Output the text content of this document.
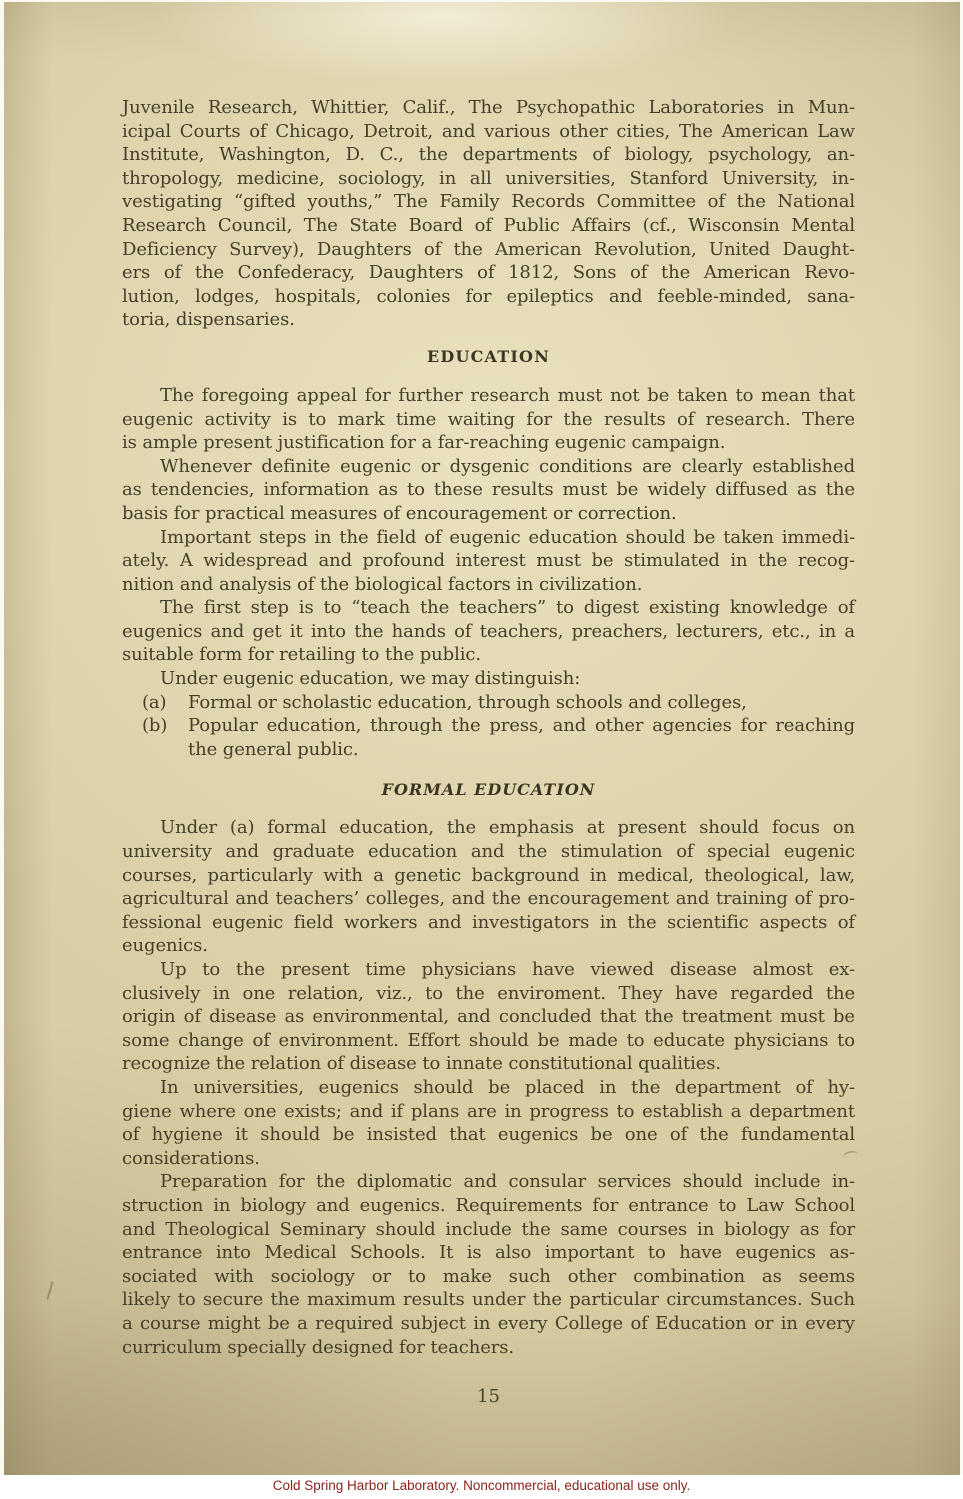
Juvenile Research, Whittier, Calif., The Psychopathic Laboratories in Mun-
icipal Courts of Chicago, Detroit, and various other cities, The American Law
Institute, Washington, D. C., the departments of biology, psychology, an-
thropology, medicine, sociology, in all universities, Stanford University, in-
vestigating “gifted youths,” The Family Records Committee of the National
Research Council, The State Board of Public Affairs (cf., Wisconsin Mental
Deficiency Survey), Daughters of the American Revolution, United Daught-
ers of the Confederacy, Daughters of 1812, Sons of the American Revo-
lution, lodges, hospitals, colonies for epileptics and feeble-minded, sana-
toria, dispensaries.
EDUCATION
The foregoing appeal for further research must not be taken to mean that
eugenic activity is to mark time waiting for the results of research. There
is ample present justification for a far-reaching eugenic campaign.
Whenever definite eugenic or dysgenic conditions are clearly established
as tendencies, information as to these results must be widely diffused as the
basis for practical measures of encouragement or correction.
Important steps in the field of eugenic education should be taken immedi-
ately. A widespread and profound interest must be stimulated in the recog-
nition and analysis of the biological factors in civilization.
The first step is to “teach the teachers” to digest existing knowledge of
eugenics and get it into the hands of teachers, preachers, lecturers, etc., in a
suitable form for retailing to the public.
Under eugenic education, we may distinguish:
(a)	Formal or scholastic education, through schools and colleges,
(b)	Popular education, through the press, and other agencies for reaching
the general public.
FORMAL EDUCATION
Under (a) formal education, the emphasis at present should focus on
university and graduate education and the stimulation of special eugenic
courses, particularly with a genetic background in medical, theological, law,
agricultural and teachers’ colleges, and the encouragement and training of pro-
fessional eugenic field workers and investigators in the scientific aspects of
eugenics.
Up to the present time physicians have viewed disease almost ex-
clusively in one relation, viz., to the enviroment. They have regarded the
origin of disease as environmental, and concluded that the treatment must be
some change of environment. Effort should be made to educate physicians to
recognize the relation of disease to innate constitutional qualities.
In universities, eugenics should be placed in the department of hy-
giene where one exists; and if plans are in progress to establish a department
of hygiene it should be insisted that eugenics be one of the fundamental
considerations.
Preparation for the diplomatic and consular services should include in-
struction in biology and eugenics. Requirements for entrance to Law School
and Theological Seminary should include the same courses in biology as for
entrance into Medical Schools. It is also important to have eugenics as-
sociated with sociology or to make such other combination as seems
likely to secure the maximum results under the particular circumstances. Such
a course might be a required subject in every College of Education or in every
curriculum specially designed for teachers.
15
Cold Spring Harbor Laboratory. Noncommercial, educational use only.
